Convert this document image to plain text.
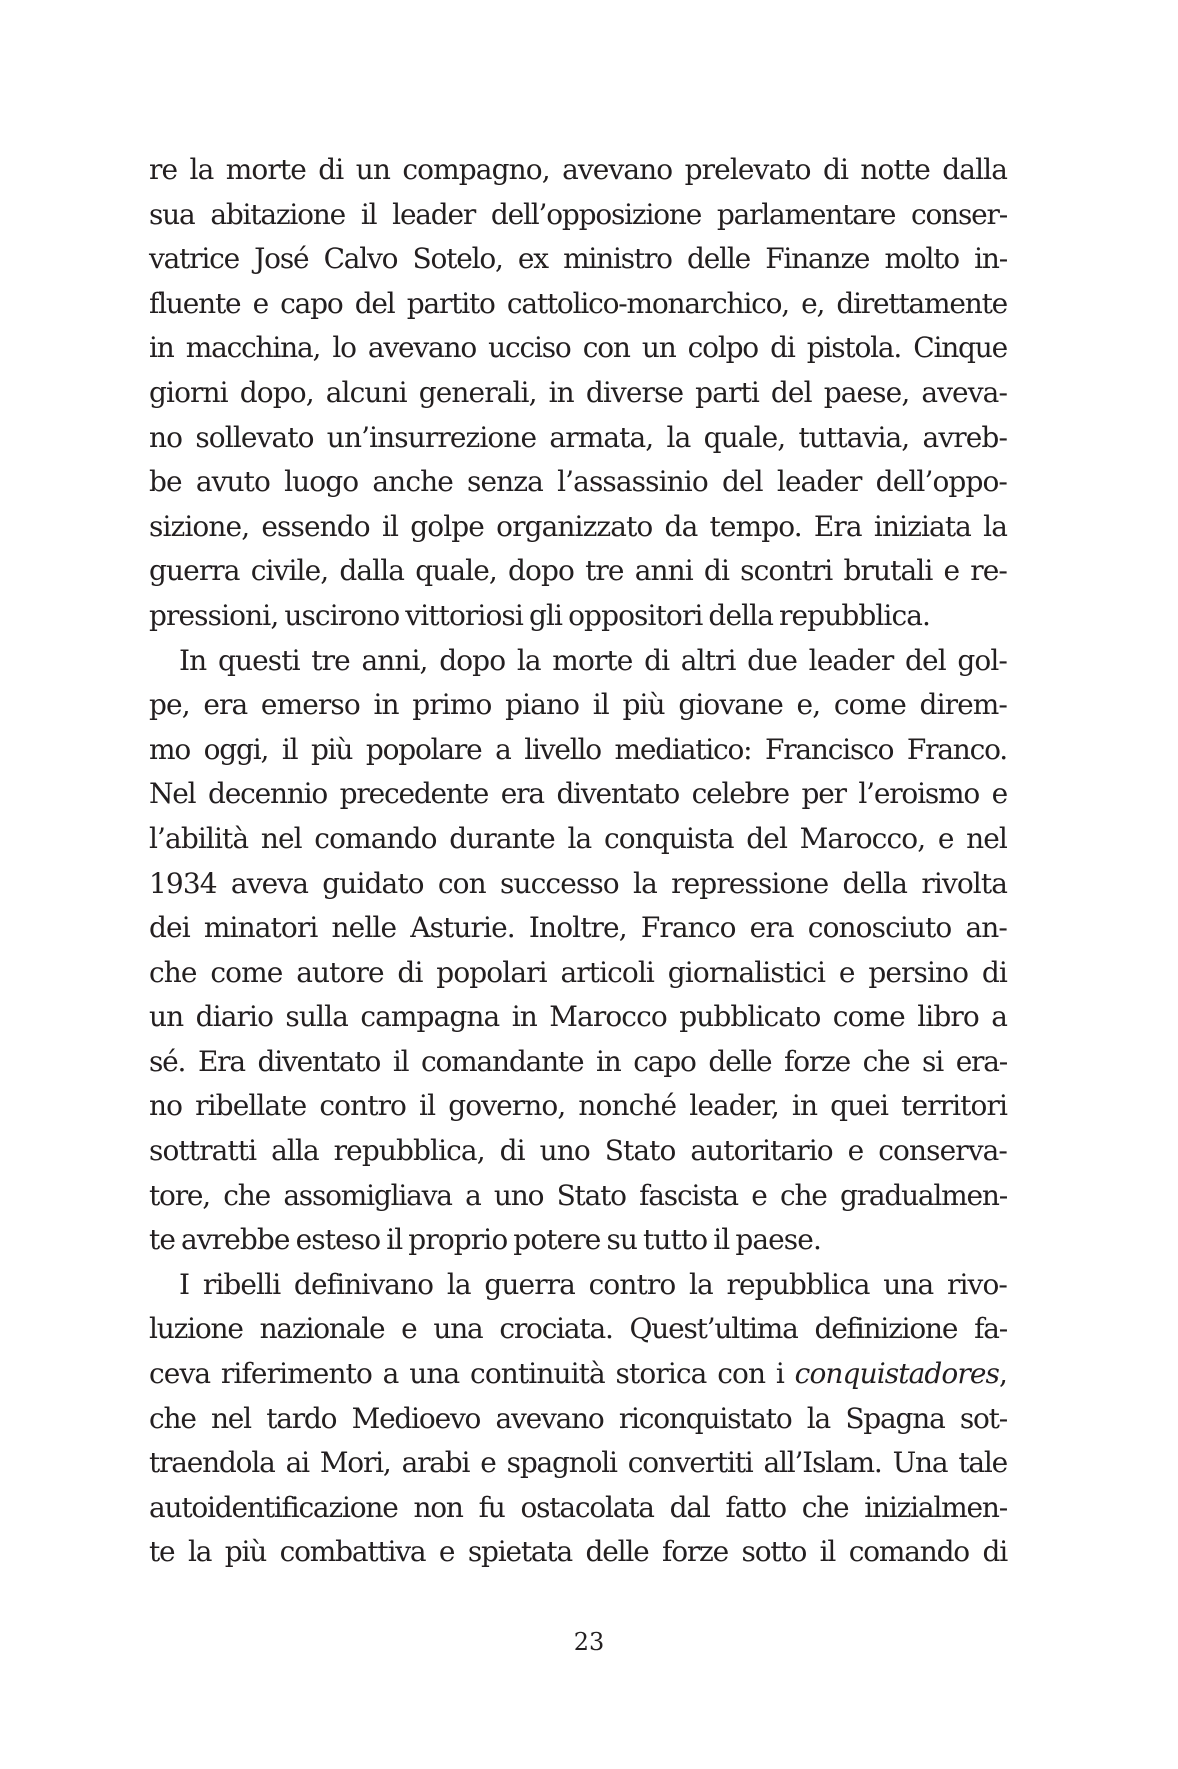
re la morte di un compagno, avevano prelevato di notte dalla
sua abitazione il leader dell’opposizione parlamentare conser-
vatrice José Calvo Sotelo, ex ministro delle Finanze molto in-
fluente e capo del partito cattolico-monarchico, e, direttamente
in macchina, lo avevano ucciso con un colpo di pistola. Cinque
giorni dopo, alcuni generali, in diverse parti del paese, aveva-
no sollevato un’insurrezione armata, la quale, tuttavia, avreb-
be avuto luogo anche senza l’assassinio del leader dell’oppo-
sizione, essendo il golpe organizzato da tempo. Era iniziata la
guerra civile, dalla quale, dopo tre anni di scontri brutali e re-
pressioni, uscirono vittoriosi gli oppositori della repubblica.
In questi tre anni, dopo la morte di altri due leader del gol-
pe, era emerso in primo piano il più giovane e, come direm-
mo oggi, il più popolare a livello mediatico: Francisco Franco.
Nel decennio precedente era diventato celebre per l’eroismo e
l’abilità nel comando durante la conquista del Marocco, e nel
1934 aveva guidato con successo la repressione della rivolta
dei minatori nelle Asturie. Inoltre, Franco era conosciuto an-
che come autore di popolari articoli giornalistici e persino di
un diario sulla campagna in Marocco pubblicato come libro a
sé. Era diventato il comandante in capo delle forze che si era-
no ribellate contro il governo, nonché leader, in quei territori
sottratti alla repubblica, di uno Stato autoritario e conserva-
tore, che assomigliava a uno Stato fascista e che gradualmen-
te avrebbe esteso il proprio potere su tutto il paese.
I ribelli definivano la guerra contro la repubblica una rivo-
luzione nazionale e una crociata. Quest’ultima definizione fa-
ceva riferimento a una continuità storica con i conquistadores,
che nel tardo Medioevo avevano riconquistato la Spagna sot-
traendola ai Mori, arabi e spagnoli convertiti all’Islam. Una tale
autoidentificazione non fu ostacolata dal fatto che inizialmen-
te la più combattiva e spietata delle forze sotto il comando di
23
